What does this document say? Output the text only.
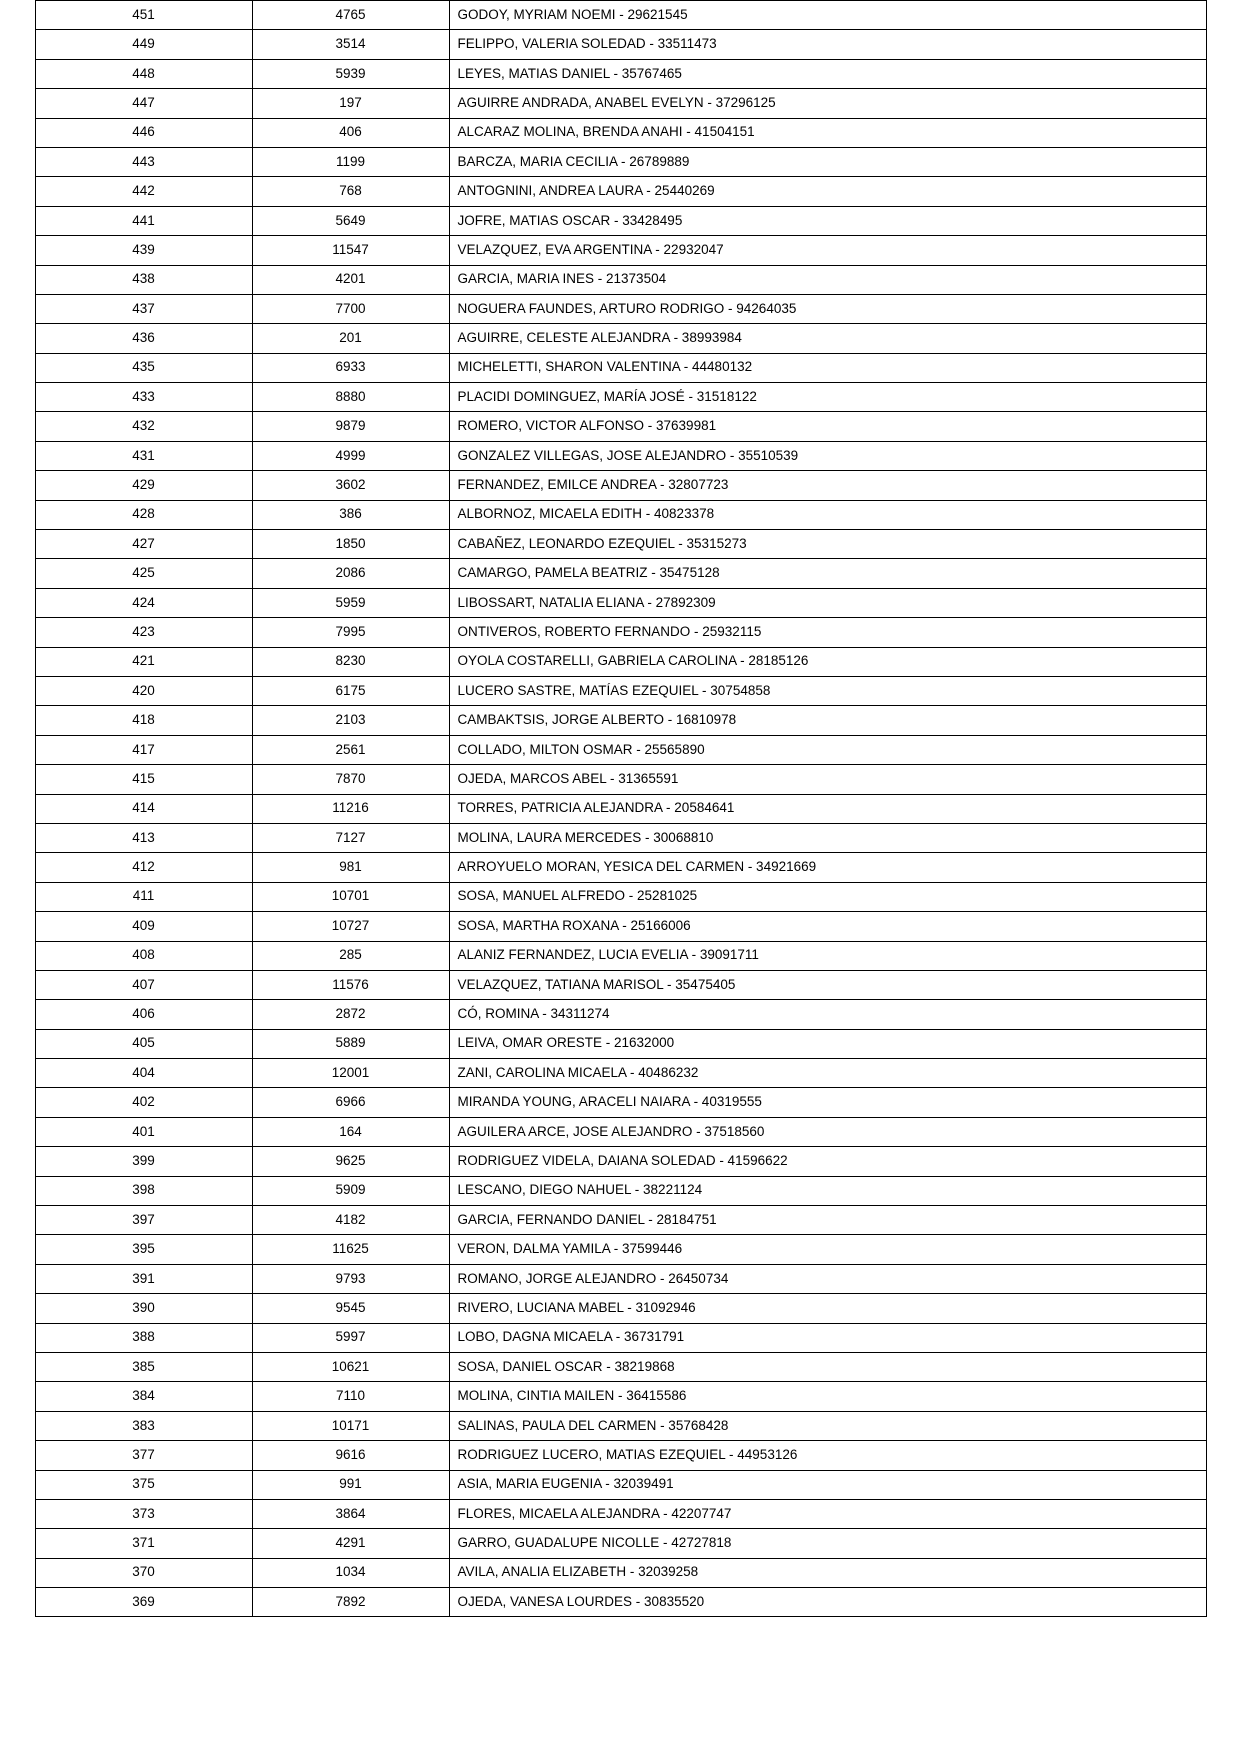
451	4765	GODOY, MYRIAM NOEMI - 29621545
449	3514	FELIPPO, VALERIA SOLEDAD - 33511473
448	5939	LEYES, MATIAS DANIEL - 35767465
447	197	AGUIRRE ANDRADA, ANABEL EVELYN - 37296125
446	406	ALCARAZ MOLINA, BRENDA ANAHI - 41504151
443	1199	BARCZA, MARIA CECILIA - 26789889
442	768	ANTOGNINI, ANDREA LAURA - 25440269
441	5649	JOFRE, MATIAS OSCAR - 33428495
439	11547	VELAZQUEZ, EVA ARGENTINA - 22932047
438	4201	GARCIA, MARIA INES - 21373504
437	7700	NOGUERA FAUNDES, ARTURO RODRIGO - 94264035
436	201	AGUIRRE, CELESTE ALEJANDRA - 38993984
435	6933	MICHELETTI, SHARON VALENTINA - 44480132
433	8880	PLACIDI DOMINGUEZ, MARÍA JOSÉ - 31518122
432	9879	ROMERO, VICTOR ALFONSO - 37639981
431	4999	GONZALEZ VILLEGAS, JOSE ALEJANDRO - 35510539
429	3602	FERNANDEZ, EMILCE ANDREA - 32807723
428	386	ALBORNOZ, MICAELA EDITH - 40823378
427	1850	CABAÑEZ, LEONARDO EZEQUIEL - 35315273
425	2086	CAMARGO, PAMELA BEATRIZ - 35475128
424	5959	LIBOSSART, NATALIA ELIANA - 27892309
423	7995	ONTIVEROS, ROBERTO FERNANDO - 25932115
421	8230	OYOLA COSTARELLI, GABRIELA CAROLINA - 28185126
420	6175	LUCERO SASTRE, MATÍAS EZEQUIEL - 30754858
418	2103	CAMBAKTSIS, JORGE ALBERTO - 16810978
417	2561	COLLADO, MILTON OSMAR - 25565890
415	7870	OJEDA, MARCOS ABEL - 31365591
414	11216	TORRES, PATRICIA ALEJANDRA - 20584641
413	7127	MOLINA, LAURA MERCEDES - 30068810
412	981	ARROYUELO MORAN, YESICA DEL CARMEN - 34921669
411	10701	SOSA, MANUEL ALFREDO - 25281025
409	10727	SOSA, MARTHA ROXANA - 25166006
408	285	ALANIZ FERNANDEZ, LUCIA EVELIA - 39091711
407	11576	VELAZQUEZ, TATIANA MARISOL - 35475405
406	2872	CÓ, ROMINA - 34311274
405	5889	LEIVA, OMAR ORESTE - 21632000
404	12001	ZANI, CAROLINA MICAELA - 40486232
402	6966	MIRANDA YOUNG, ARACELI NAIARA - 40319555
401	164	AGUILERA ARCE, JOSE ALEJANDRO - 37518560
399	9625	RODRIGUEZ VIDELA, DAIANA SOLEDAD - 41596622
398	5909	LESCANO, DIEGO NAHUEL - 38221124
397	4182	GARCIA, FERNANDO DANIEL - 28184751
395	11625	VERON, DALMA YAMILA - 37599446
391	9793	ROMANO, JORGE ALEJANDRO - 26450734
390	9545	RIVERO, LUCIANA MABEL - 31092946
388	5997	LOBO, DAGNA MICAELA - 36731791
385	10621	SOSA, DANIEL OSCAR - 38219868
384	7110	MOLINA, CINTIA MAILEN - 36415586
383	10171	SALINAS, PAULA DEL CARMEN - 35768428
377	9616	RODRIGUEZ LUCERO, MATIAS EZEQUIEL - 44953126
375	991	ASIA, MARIA EUGENIA - 32039491
373	3864	FLORES, MICAELA ALEJANDRA - 42207747
371	4291	GARRO, GUADALUPE NICOLLE - 42727818
370	1034	AVILA, ANALIA ELIZABETH - 32039258
369	7892	OJEDA, VANESA LOURDES - 30835520
